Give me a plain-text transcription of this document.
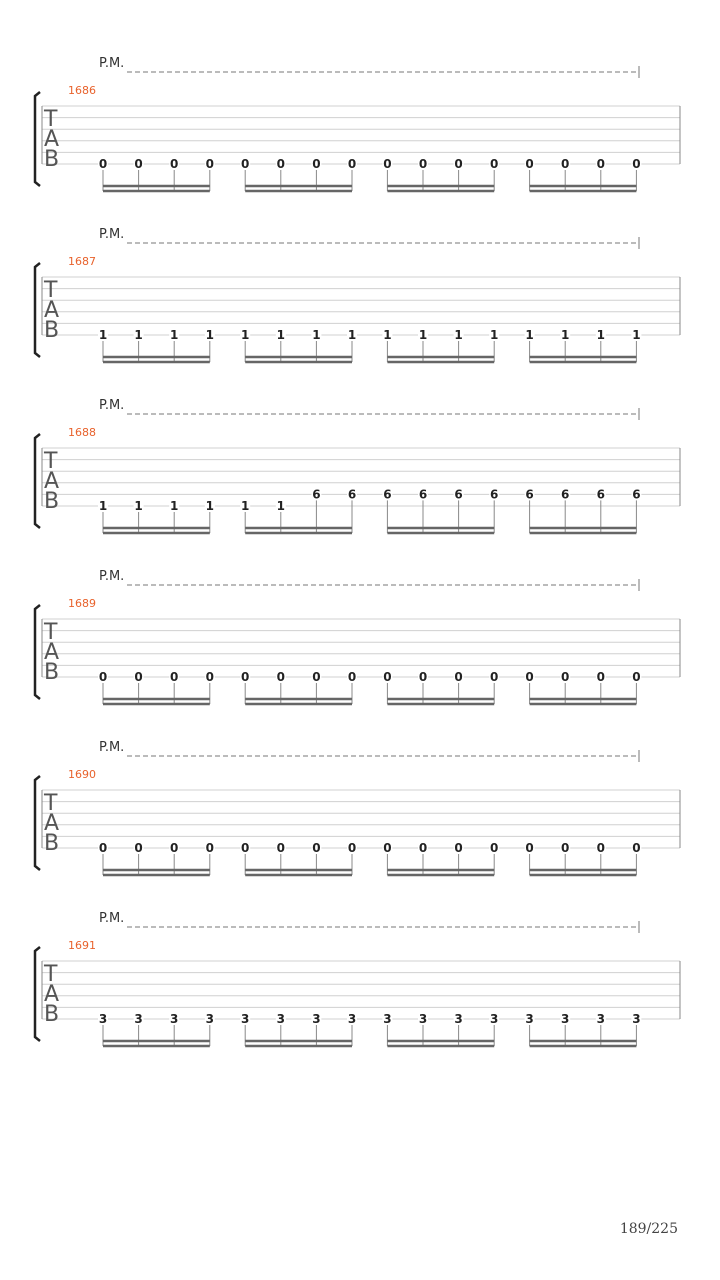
P.M.
1686
T
A
B	0 0 0 0 0 0 0 0 0 0 0 0 0 0 0 0
P.M.
1687
T
A
B	1 1 1 1 1 1 1 1 1 1 1 1 1 1 1 1
P.M.
1688
T
A
B	1 1 1 1 1 1
6 6 6 6 6 6 6 6 6 6
P.M.
1689
T
A
B	0 0 0 0 0 0 0 0 0 0 0 0 0 0 0 0
P.M.
1690
T
A
B	0 0 0 0 0 0 0 0 0 0 0 0 0 0 0 0
P.M.
1691
T
A
B	3 3 3 3 3 3 3 3 3 3 3 3 3 3 3 3
189/225
